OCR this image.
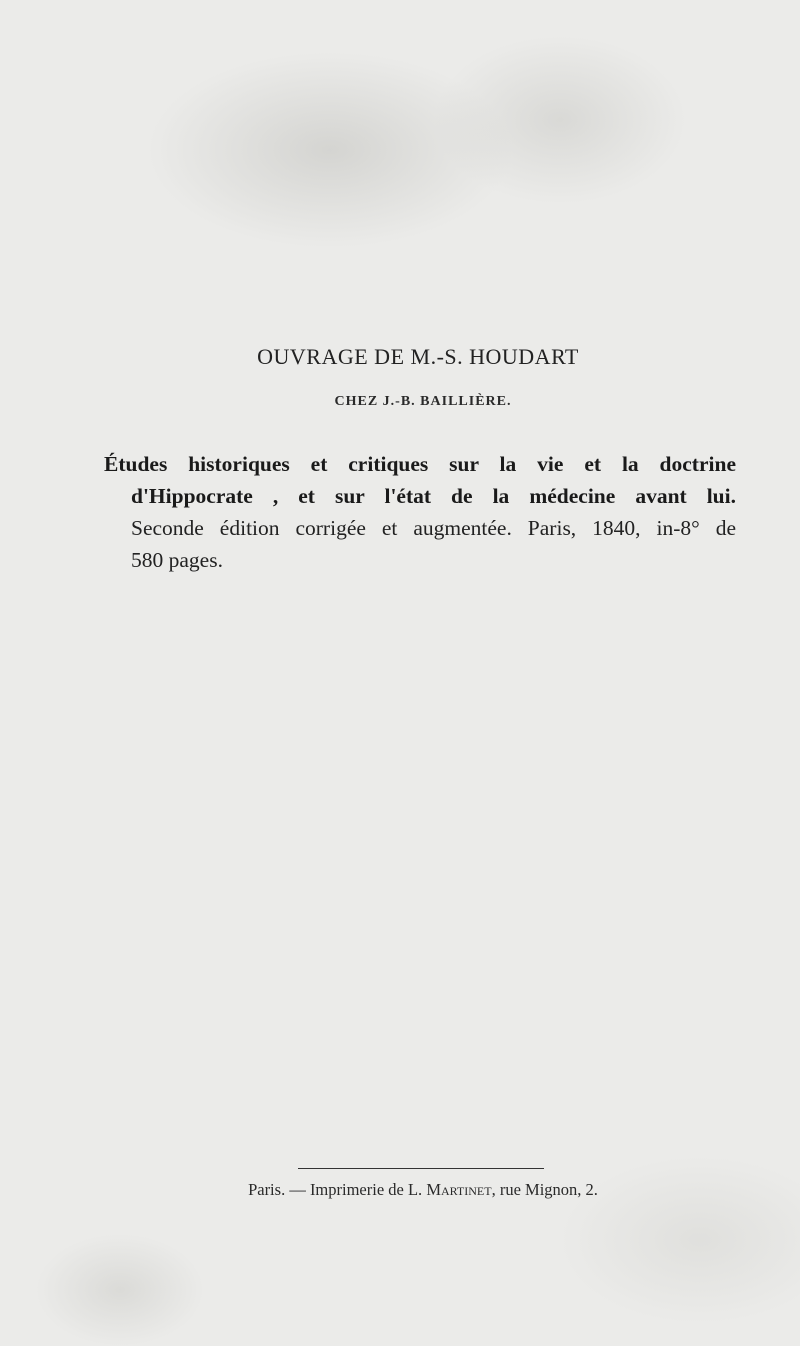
OUVRAGE DE M.-S. HOUDART
CHEZ J.-B. BAILLIÈRE.

Études historiques et critiques sur la vie et la doctrine
d'Hippocrate , et sur l'état de la médecine avant lui.

Seconde édition corrigée et augmentée. Paris, 1840, in-8° de
580 pages.

Paris. — Imprimerie de L. Martinet, rue Mignon, 2.
